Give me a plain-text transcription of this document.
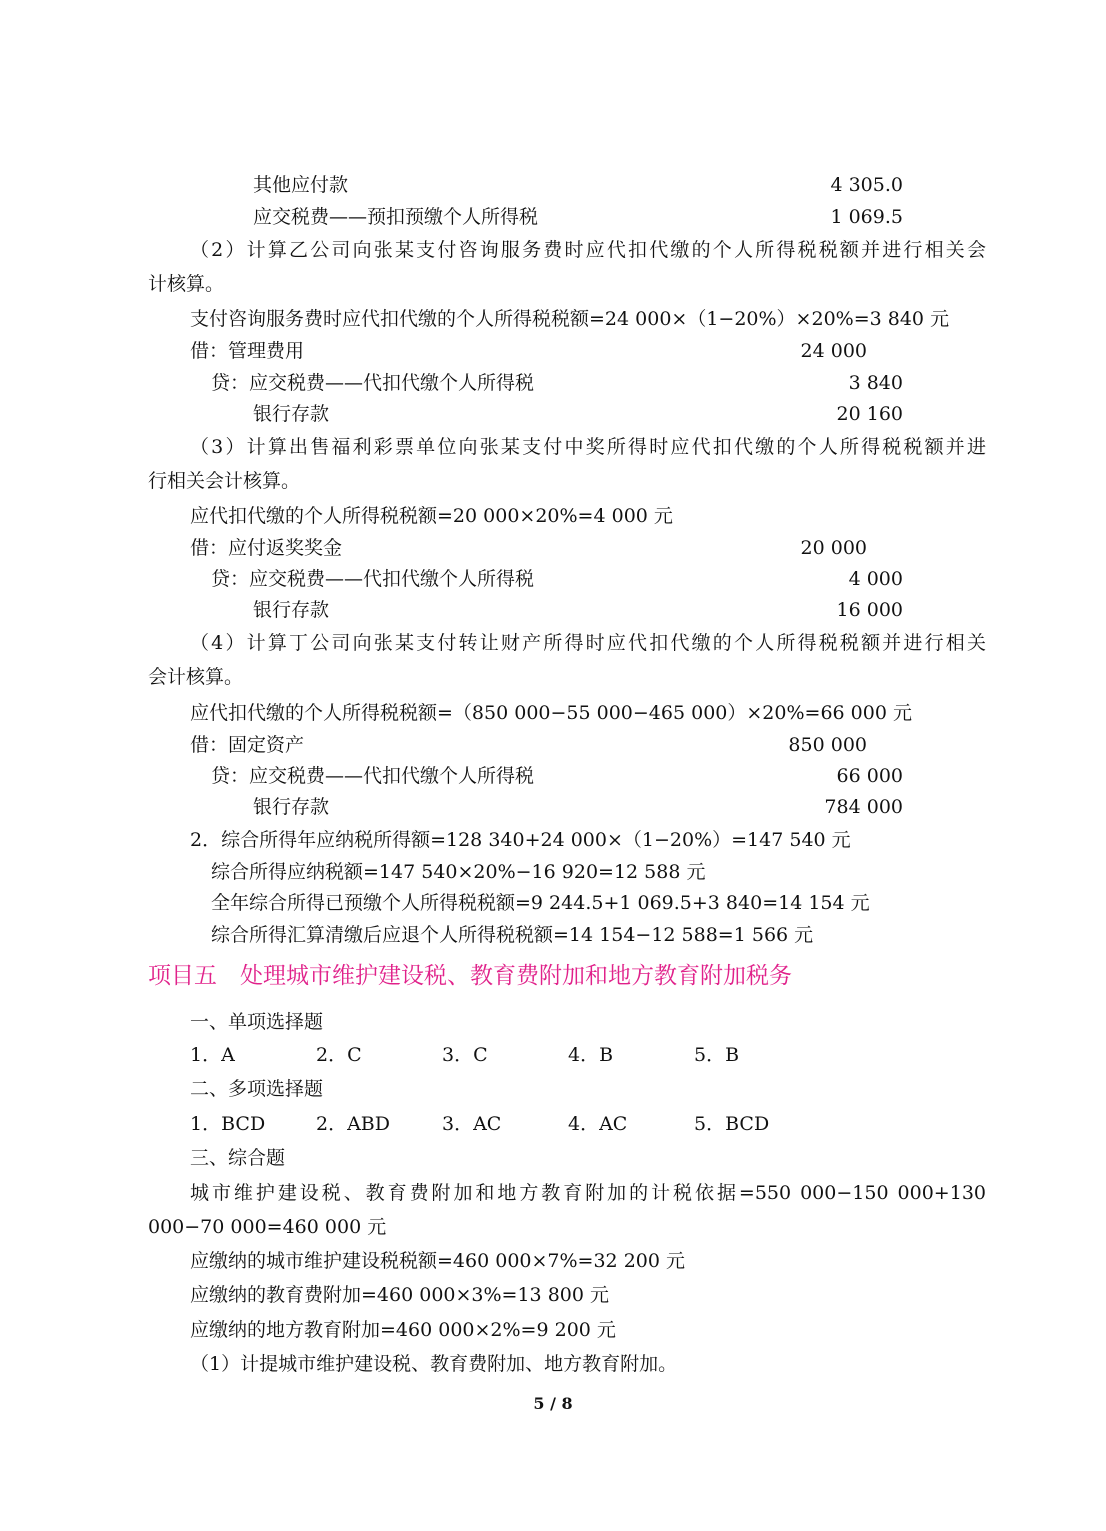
其他应付款	4 305.0
应交税费——预扣预缴个人所得税	1 069.5
（2）计算乙公司向张某支付咨询服务费时应代扣代缴的个人所得税税额并进行相关会
计核算。
支付咨询服务费时应代扣代缴的个人所得税税额=24 000×（1−20%）×20%=3 840 元
借：管理费用	24 000
贷：应交税费——代扣代缴个人所得税	3 840
银行存款	20 160
（3）计算出售福利彩票单位向张某支付中奖所得时应代扣代缴的个人所得税税额并进
行相关会计核算。
应代扣代缴的个人所得税税额=20 000×20%=4 000 元
借：应付返奖奖金	20 000
贷：应交税费——代扣代缴个人所得税	4 000
银行存款	16 000
（4）计算丁公司向张某支付转让财产所得时应代扣代缴的个人所得税税额并进行相关
会计核算。
应代扣代缴的个人所得税税额=（850 000−55 000−465 000）×20%=66 000 元
借：固定资产	850 000
贷：应交税费——代扣代缴个人所得税	66 000
银行存款	784 000
2．综合所得年应纳税所得额=128 340+24 000×（1−20%）=147 540 元
综合所得应纳税额=147 540×20%−16 920=12 588 元
全年综合所得已预缴个人所得税税额=9 244.5+1 069.5+3 840=14 154 元
综合所得汇算清缴后应退个人所得税税额=14 154−12 588=1 566 元
项目五　处理城市维护建设税、教育费附加和地方教育附加税务
一、单项选择题
1．A	2．C	3．C	4．B	5．B
二、多项选择题
1．BCD	2．ABD	3．AC	4．AC	5．BCD
三、综合题
城市维护建设税、教育费附加和地方教育附加的计税依据=550 000−150 000+130
000−70 000=460 000 元
应缴纳的城市维护建设税税额=460 000×7%=32 200 元
应缴纳的教育费附加=460 000×3%=13 800 元
应缴纳的地方教育附加=460 000×2%=9 200 元
（1）计提城市维护建设税、教育费附加、地方教育附加。
5 / 8
